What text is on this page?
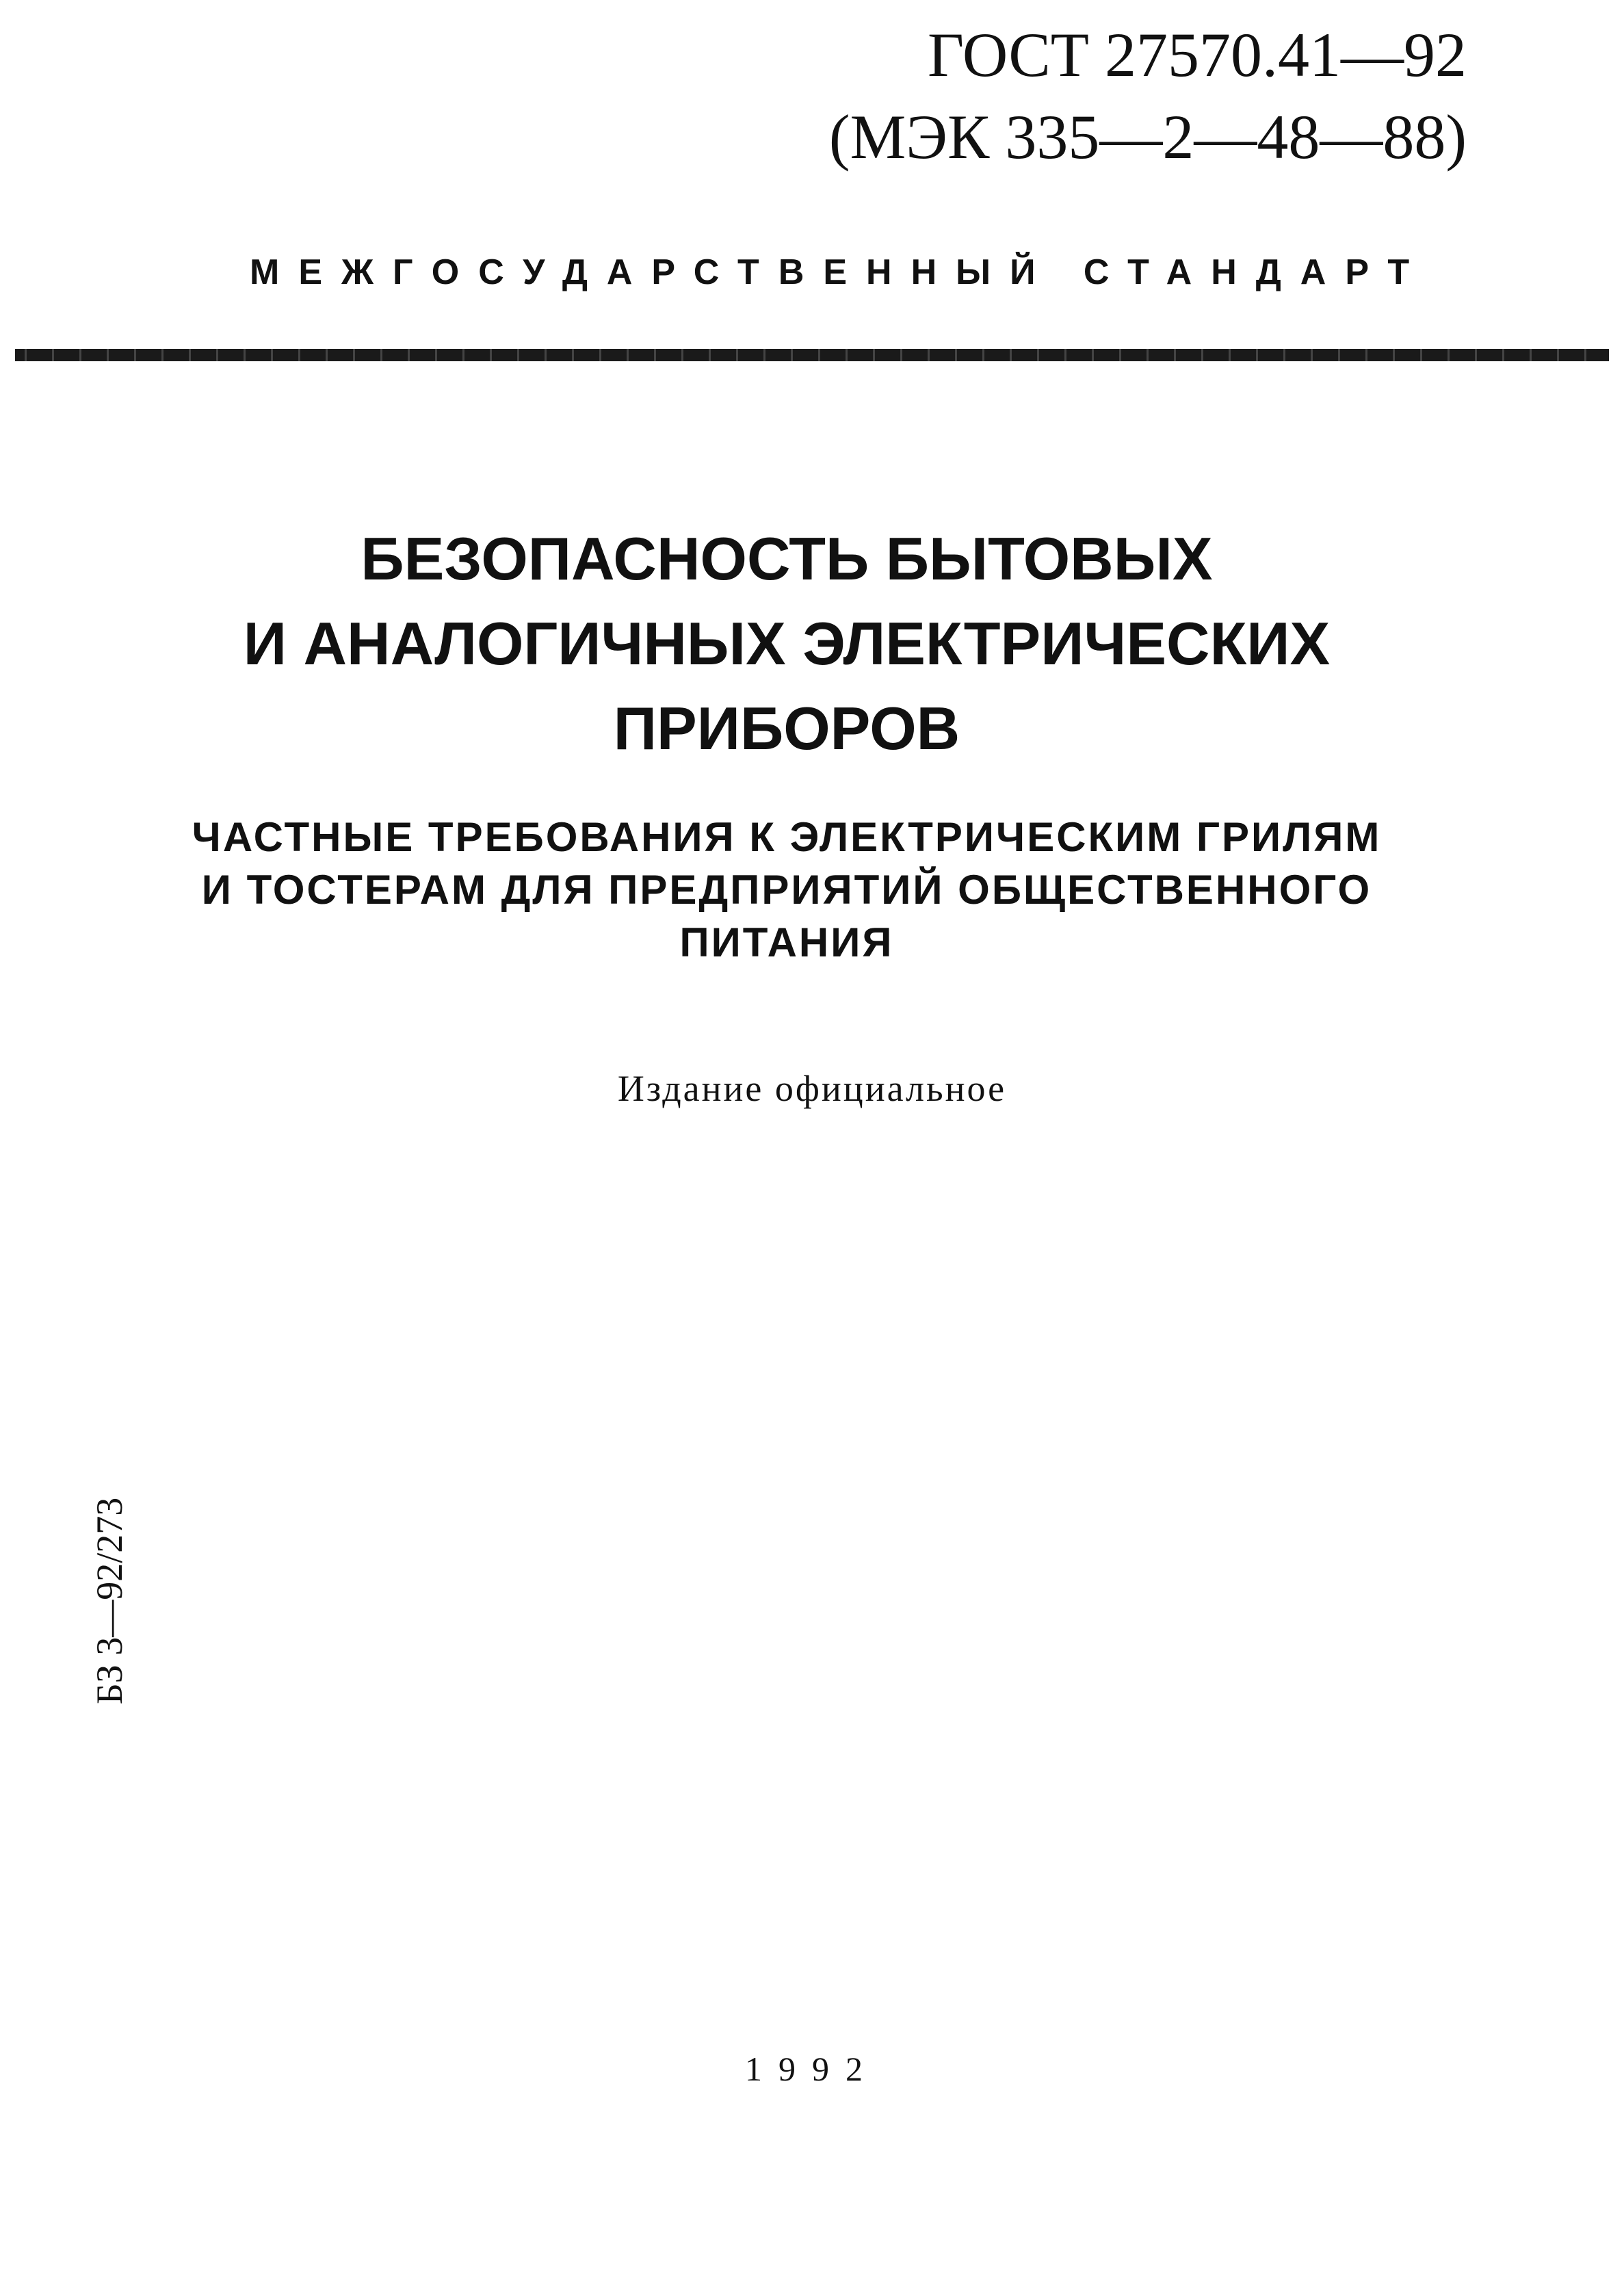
ГОСТ 27570.41—92
(МЭК 335—2—48—88)
МЕЖГОСУДАРСТВЕННЫЙ СТАНДАРТ
БЕЗОПАСНОСТЬ БЫТОВЫХ
И АНАЛОГИЧНЫХ ЭЛЕКТРИЧЕСКИХ
ПРИБОРОВ
ЧАСТНЫЕ ТРЕБОВАНИЯ К ЭЛЕКТРИЧЕСКИМ ГРИЛЯМ
И ТОСТЕРАМ ДЛЯ ПРЕДПРИЯТИЙ ОБЩЕСТВЕННОГО
ПИТАНИЯ
Издание официальное
БЗ 3—92/273
1992
